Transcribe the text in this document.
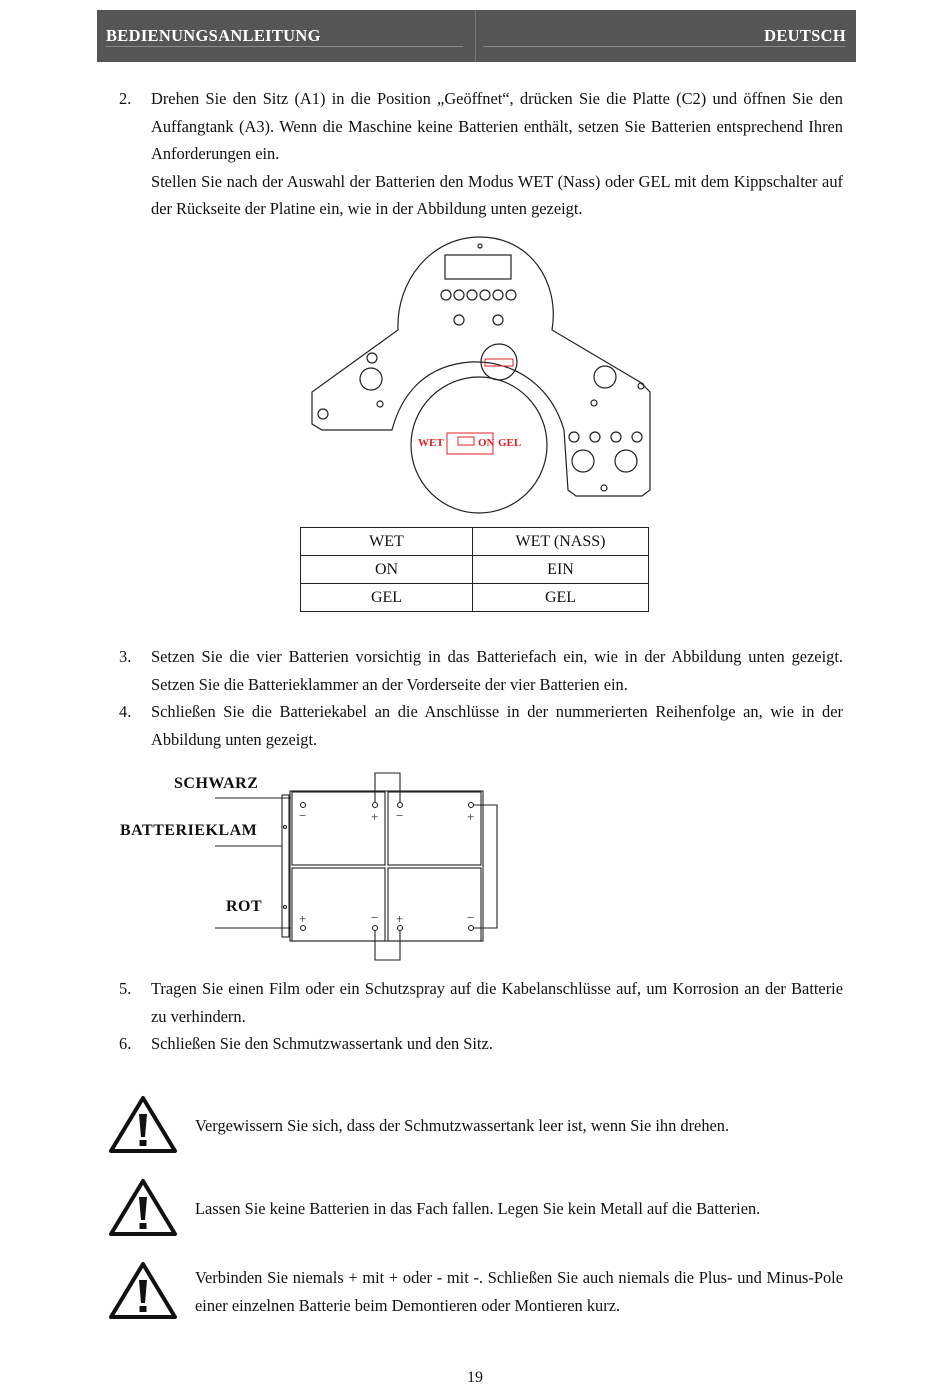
BEDIENUNGSANLEITUNG	DEUTSCH
2. Drehen Sie den Sitz (A1) in die Position „Geöffnet“, drücken Sie die Platte (C2) und öffnen Sie den Auffangtank (A3). Wenn die Maschine keine Batterien enthält, setzen Sie Batterien entsprechend Ihren Anforderungen ein.

Stellen Sie nach der Auswahl der Batterien den Modus WET (Nass) oder GEL mit dem Kippschalter auf der Rückseite der Platine ein, wie in der Abbildung unten gezeigt.

WET	ON GEL
WET	WET (NASS)
ON	EIN
GEL	GEL
3. Setzen Sie die vier Batterien vorsichtig in das Batteriefach ein, wie in der Abbildung unten gezeigt. Setzen Sie die Batterieklammer an der Vorderseite der vier Batterien ein.

4. Schließen Sie die Batteriekabel an die Anschlüsse in der nummerierten Reihenfolge an, wie in der Abbildung unten gezeigt.

SCHWARZ
BATTERIEKLAM
ROT
−	+ −	+
+	− +	−
5. Tragen Sie einen Film oder ein Schutzspray auf die Kabelanschlüsse auf, um Korrosion an der Batterie zu verhindern.

6. Schließen Sie den Schmutzwassertank und den Sitz.

Vergewissern Sie sich, dass der Schmutzwassertank leer ist, wenn Sie ihn drehen.
Lassen Sie keine Batterien in das Fach fallen. Legen Sie kein Metall auf die Batterien.
Verbinden Sie niemals + mit + oder - mit -. Schließen Sie auch niemals die Plus- und Minus-Pole einer einzelnen Batterie beim Demontieren oder Montieren kurz.
19
